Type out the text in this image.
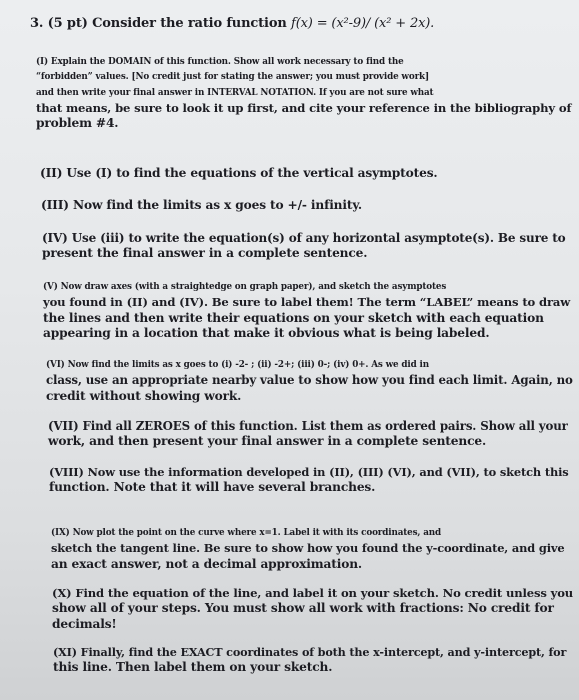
3. (5 pt) Consider the ratio function f(x) = (x²-9)/ (x² + 2x).

(I) Explain the DOMAIN of this function. Show all work necessary to find the

“forbidden” values. [No credit just for stating the answer; you must provide work]

and then write your final answer in INTERVAL NOTATION. If you are not sure what

that means, be sure to look it up first, and cite your reference in the bibliography of

problem #4.

(II) Use (I) to find the equations of the vertical asymptotes.

(III) Now find the limits as x goes to +/- infinity.

(IV) Use (iii) to write the equation(s) of any horizontal asymptote(s). Be sure to

present the final answer in a complete sentence.

(V) Now draw axes (with a straightedge on graph paper), and sketch the asymptotes

you found in (II) and (IV). Be sure to label them! The term “LABEL” means to draw

the lines and then write their equations on your sketch with each equation

appearing in a location that make it obvious what is being labeled.

(VI) Now find the limits as x goes to (i) -2- ; (ii) -2+; (iii) 0-; (iv) 0+. As we did in

class, use an appropriate nearby value to show how you find each limit. Again, no

credit without showing work.

(VII) Find all ZEROES of this function. List them as ordered pairs. Show all your

work, and then present your final answer in a complete sentence.

(VIII) Now use the information developed in (II), (III) (VI), and (VII), to sketch this

function. Note that it will have several branches.

(IX) Now plot the point on the curve where x=1. Label it with its coordinates, and

sketch the tangent line. Be sure to show how you found the y-coordinate, and give

an exact answer, not a decimal approximation.

(X) Find the equation of the line, and label it on your sketch. No credit unless you

show all of your steps. You must show all work with fractions: No credit for

decimals!

(XI) Finally, find the EXACT coordinates of both the x-intercept, and y-intercept, for

this line. Then label them on your sketch.
